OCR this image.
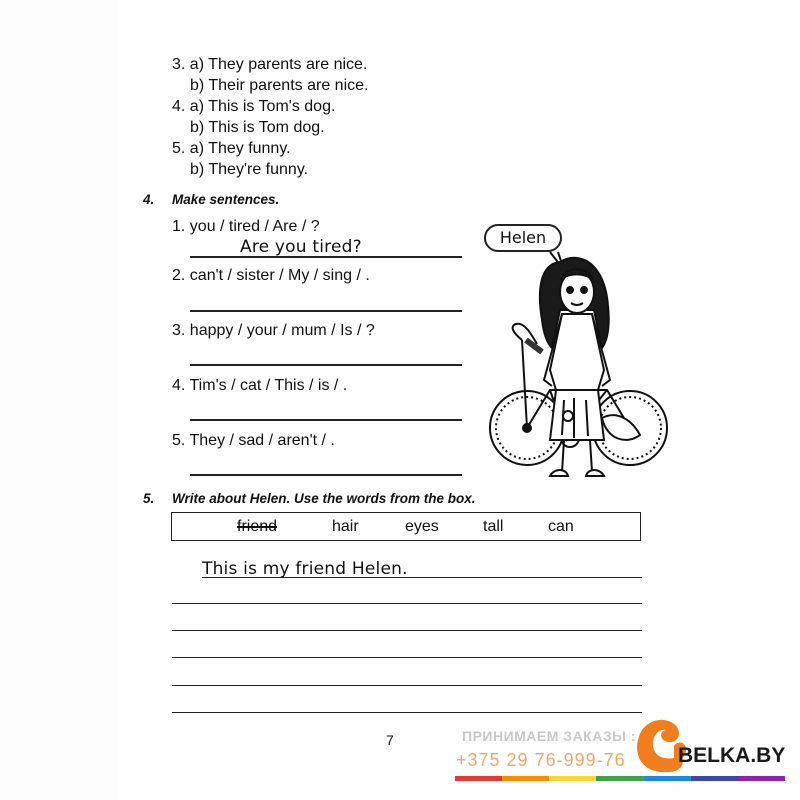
3. a) They parents are nice.
b) Their parents are nice.
4. a) This is Tom's dog.
b) This is Tom dog.
5. a) They funny.
b) They're funny.
4. Make sentences.
1. you / tired / Are / ?
Are you tired?
2. can't / sister / My / sing / .
3. happy / your / mum / Is / ?
4. Tim's / cat / This / is / .
5. They / sad / aren't / .
Helen
5. Write about Helen. Use the words from the box.
friend	hair	eyes	tall	can
This is my friend Helen.
7	ПРИНИМАЕМ ЗАКАЗЫ :
+375 29 76-999-76 BELKA.BY
